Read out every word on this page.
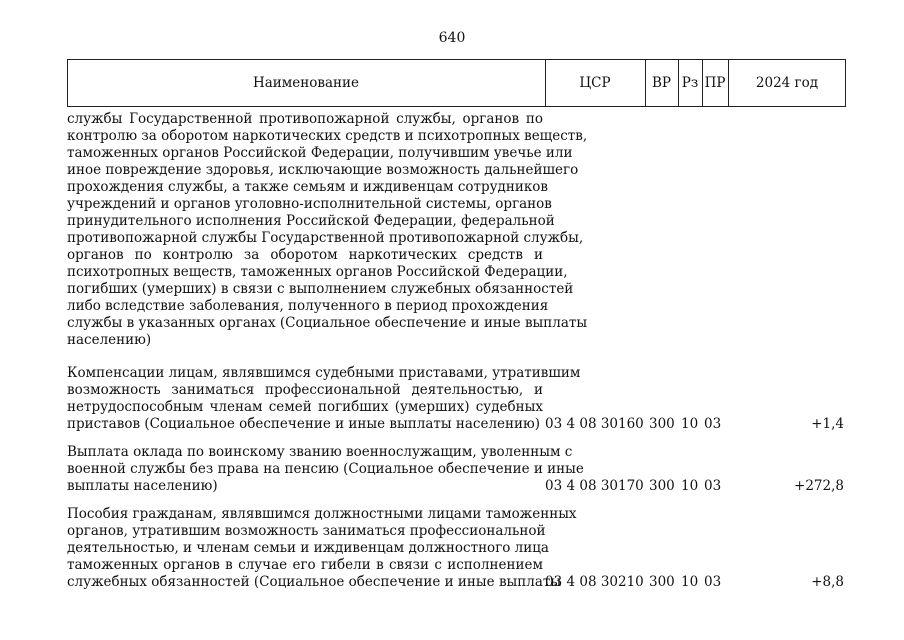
640
Наименование	ЦСР	ВР Рз ПР	2024 год
службы Государственной противопожарной службы, органов по
контролю за оборотом наркотических средств и психотропных веществ,
таможенных органов Российской Федерации, получившим увечье или
иное повреждение здоровья, исключающие возможность дальнейшего
прохождения службы, а также семьям и иждивенцам сотрудников
учреждений и органов уголовно-исполнительной системы, органов
принудительного исполнения Российской Федерации, федеральной
противопожарной службы Государственной противопожарной службы,
органов по контролю за оборотом наркотических средств и
психотропных веществ, таможенных органов Российской Федерации,
погибших (умерших) в связи с выполнением служебных обязанностей
либо вследствие заболевания, полученного в период прохождения
службы в указанных органах (Социальное обеспечение и иные выплаты
населению)
Компенсации лицам, являвшимся судебными приставами, утратившим
возможность заниматься профессиональной деятельностью, и
нетрудоспособным членам семей погибших (умерших) судебных
приставов (Социальное обеспечение и иные выплаты населению) 03 4 08 30160 300 10 03	+1,4
Выплата оклада по воинскому званию военнослужащим, уволенным с
военной службы без права на пенсию (Социальное обеспечение и иные
выплаты населению)	03 4 08 30170 300 10 03	+272,8
Пособия гражданам, являвшимся должностными лицами таможенных
органов, утратившим возможность заниматься профессиональной
деятельностью, и членам семьи и иждивенцам должностного лица
таможенных органов в случае его гибели в связи с исполнением
служебных обязанностей (Социальное обеспечение и иные выплаты
03 4 08 30210 300 10 03	+8,8
